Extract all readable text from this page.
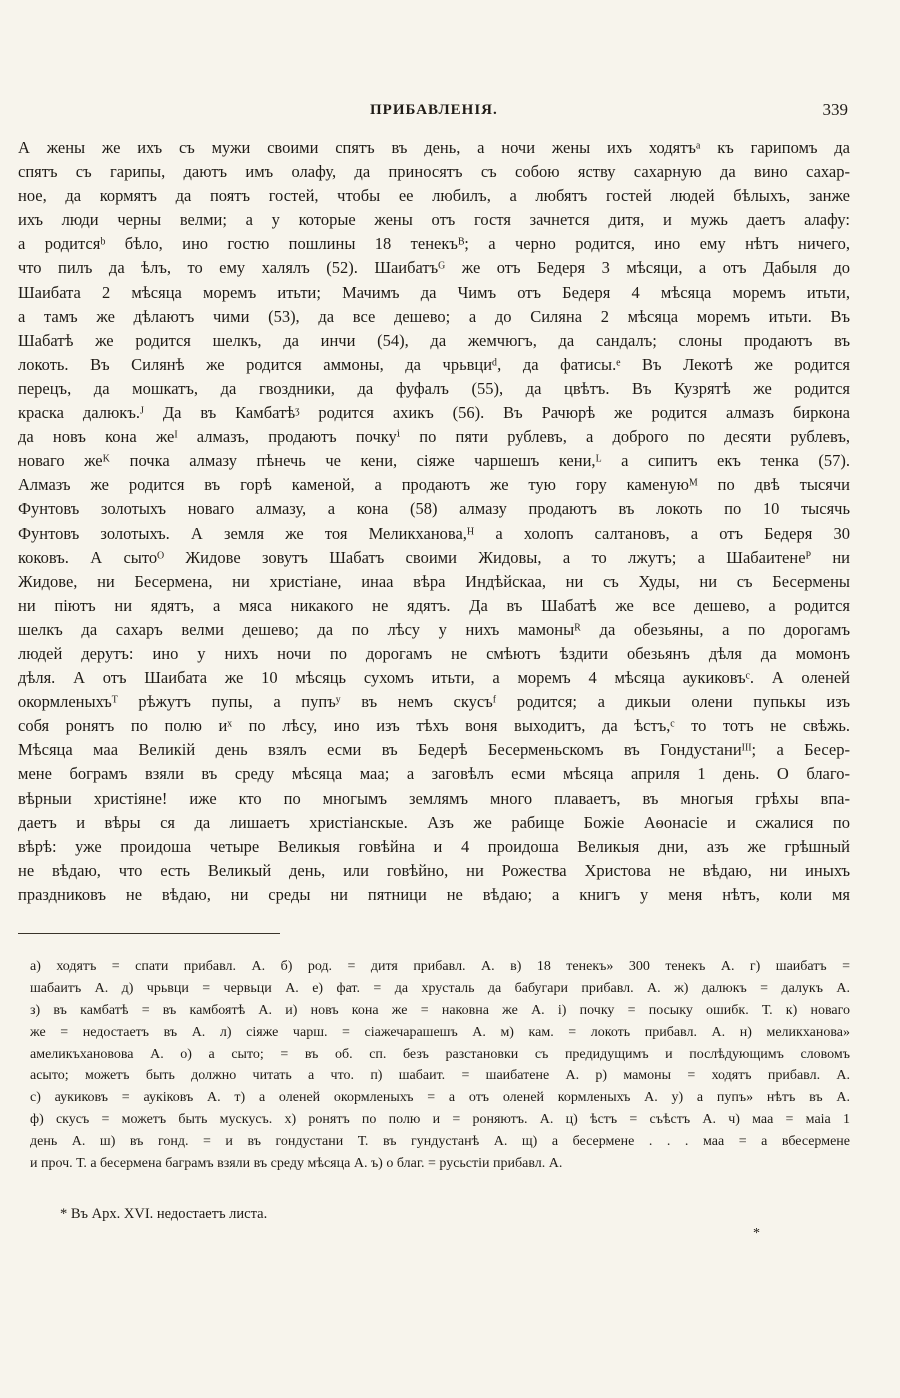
ПРИБАВЛЕНIЯ.	339
А жены же ихъ съ мужи своими спятъ въ день, а ночи жены ихъ ходятъᵃ къ гарипомъ да
спятъ съ гарипы, даютъ имъ олафу, да приносятъ съ собою яству сахарную да вино сахар-
ное, да кормятъ да поятъ гостей, чтобы ее любилъ, а любятъ гостей людей бѣлыхъ, занже
ихъ люди черны велми; а у которые жены отъ гостя зачнется дитя, и мужь даетъ алафу:
а родитсяᵇ бѣло, ино гостю пошлины 18 тенекъᴮ; а черно родится, ино ему нѣтъ ничего,
что пилъ да ѣлъ, то ему халялъ (52). Шаибатъᴳ же отъ Бедеря 3 мѣсяци, а отъ Дабыля до
Шаибата 2 мѣсяца моремъ итьти; Мачимъ да Чимъ отъ Бедеря 4 мѣсяца моремъ итьти,
а тамъ же дѣлаютъ чими (53), да все дешево; а до Силяна 2 мѣсяца моремъ итьти. Въ
Шабатѣ же родится шелкъ, да инчи (54), да жемчюгъ, да сандалъ; слоны продаютъ въ
локоть. Въ Силянѣ же родится аммоны, да чрьвциᵈ, да фатисы.ᵉ Въ Лекотѣ же родится
перецъ, да мошкатъ, да гвоздники, да фуфалъ (55), да цвѣтъ. Въ Кузрятѣ же родится
краска далюкъ.ᴶ Да въ Камбатѣᶾ родится ахикъ (56). Въ Рачюрѣ же родится алмазъ биркона
да новъ кона жеᴵ алмазъ, продаютъ почкуⁱ по пяти рублевъ, а доброго по десяти рублевъ,
новаго жеᴷ почка алмазу пѣнечь че кени, сіяже чаршешъ кени,ᴸ а сипитъ екъ тенка (57).
Алмазъ же родится въ горѣ каменой, а продаютъ же тую гору каменуюᴹ по двѣ тысячи
Фунтовъ золотыхъ новаго алмазу, а кона (58) алмазу продаютъ въ локоть по 10 тысячь
Фунтовъ золотыхъ. А земля же тоя Меликханова,ᴴ а холопъ салтановъ, а отъ Бедеря 30
коковъ. А сытоᴼ Жидове зовутъ Шабатъ своими Жидовы, а то лжутъ; а Шабаитенеᴾ ни
Жидове, ни Бесермена, ни христіане, инаа вѣра Индѣйскаа, ни съ Худы, ни съ Бесермены
ни піютъ ни ядятъ, а мяса никакого не ядятъ. Да въ Шабатѣ же все дешево, а родится
шелкъ да сахаръ велми дешево; да по лѣсу у нихъ мамоныᴿ да обезьяны, а по дорогамъ
людей дерутъ: ино у нихъ ночи по дорогамъ не смѣютъ ѣздити обезьянъ дѣля да момонъ
дѣля. А отъ Шаибата же 10 мѣсяць сухомъ итьти, а моремъ 4 мѣсяца аукиковъᶜ. А оленей
окормленыхъᵀ рѣжутъ пупы, а пупъʸ въ немъ скусъᶠ родится; а дикыи олени пупькы изъ
собя ронятъ по полю иˣ по лѣсу, ино изъ тѣхъ воня выходитъ, да ѣстъ,ᶜ то тотъ не свѣжь.
Мѣсяца маа Великій день взялъ есми въ Бедерѣ Бесерменьскомъ въ Гондустаниᴵᴵᴵ; а Бесер-
мене бограмъ взяли въ среду мѣсяца маа; а заговѣлъ есми мѣсяца априля 1 день. О благо-
вѣрныи христіяне! иже кто по многымъ землямъ много плаваетъ, въ многыя грѣхы впа-
даетъ и вѣры ся да лишаетъ христіанскые. Азъ же рабище Божіе Аѳонасіе и сжалися по
вѣрѣ: уже проидоша четыре Великыя говѣйна и 4 проидоша Великыя дни, азъ же грѣшный
не вѣдаю, что есть Великый день, или говѣйно, ни Рожества Христова не вѣдаю, ни иныхъ
праздниковъ не вѣдаю, ни среды ни пятници не вѣдаю; а книгъ у меня нѣтъ, коли мя
а) ходятъ = спати прибавл. А. б) род. = дитя прибавл. А. в) 18 тенекъ» 300 тенекъ А. г) шаибатъ =
шабаитъ А. д) чрьвци = червьци А. е) фат. = да хрусталь да бабугари прибавл. А. ж) далюкъ = далукъ А.
з) въ камбатѣ = въ камбоятѣ А. и) новъ кона же = наковна же А. і) почку = посыку ошибк. Т. к) новаго
же = недостаетъ въ А. л) сіяже чарш. = сіажечарашешъ А. м) кам. = локоть прибавл. А. н) меликханова»
амеликъхановова А. о) а сыто; = въ об. сп. безъ разстановки съ предидущимъ и послѣдующимъ словомъ
асыто; можетъ быть должно читать а что. п) шабаит. = шаибатене А. р) мамоны = ходятъ прибавл. А.
с) аукиковъ = аукіковъ А. т) а оленей окормленыхъ = а отъ оленей кормленыхъ А. у) а пупъ» нѣтъ въ А.
ф) скусъ = можетъ быть мускусъ. х) ронятъ по полю и = роняютъ. А. ц) ѣстъ = съѣстъ А. ч) маа = маіа 1
день А. ш) въ гонд. = и въ гондустани Т. въ гундустанѣ А. щ) а бесермене . . . маа = а вбесермене
и проч. Т. а бесермена баграмъ взяли въ среду мѣсяца А. ъ) о благ. = русьстіи прибавл. А.
* Въ Арх. XVI. недостаетъ листа.
*
